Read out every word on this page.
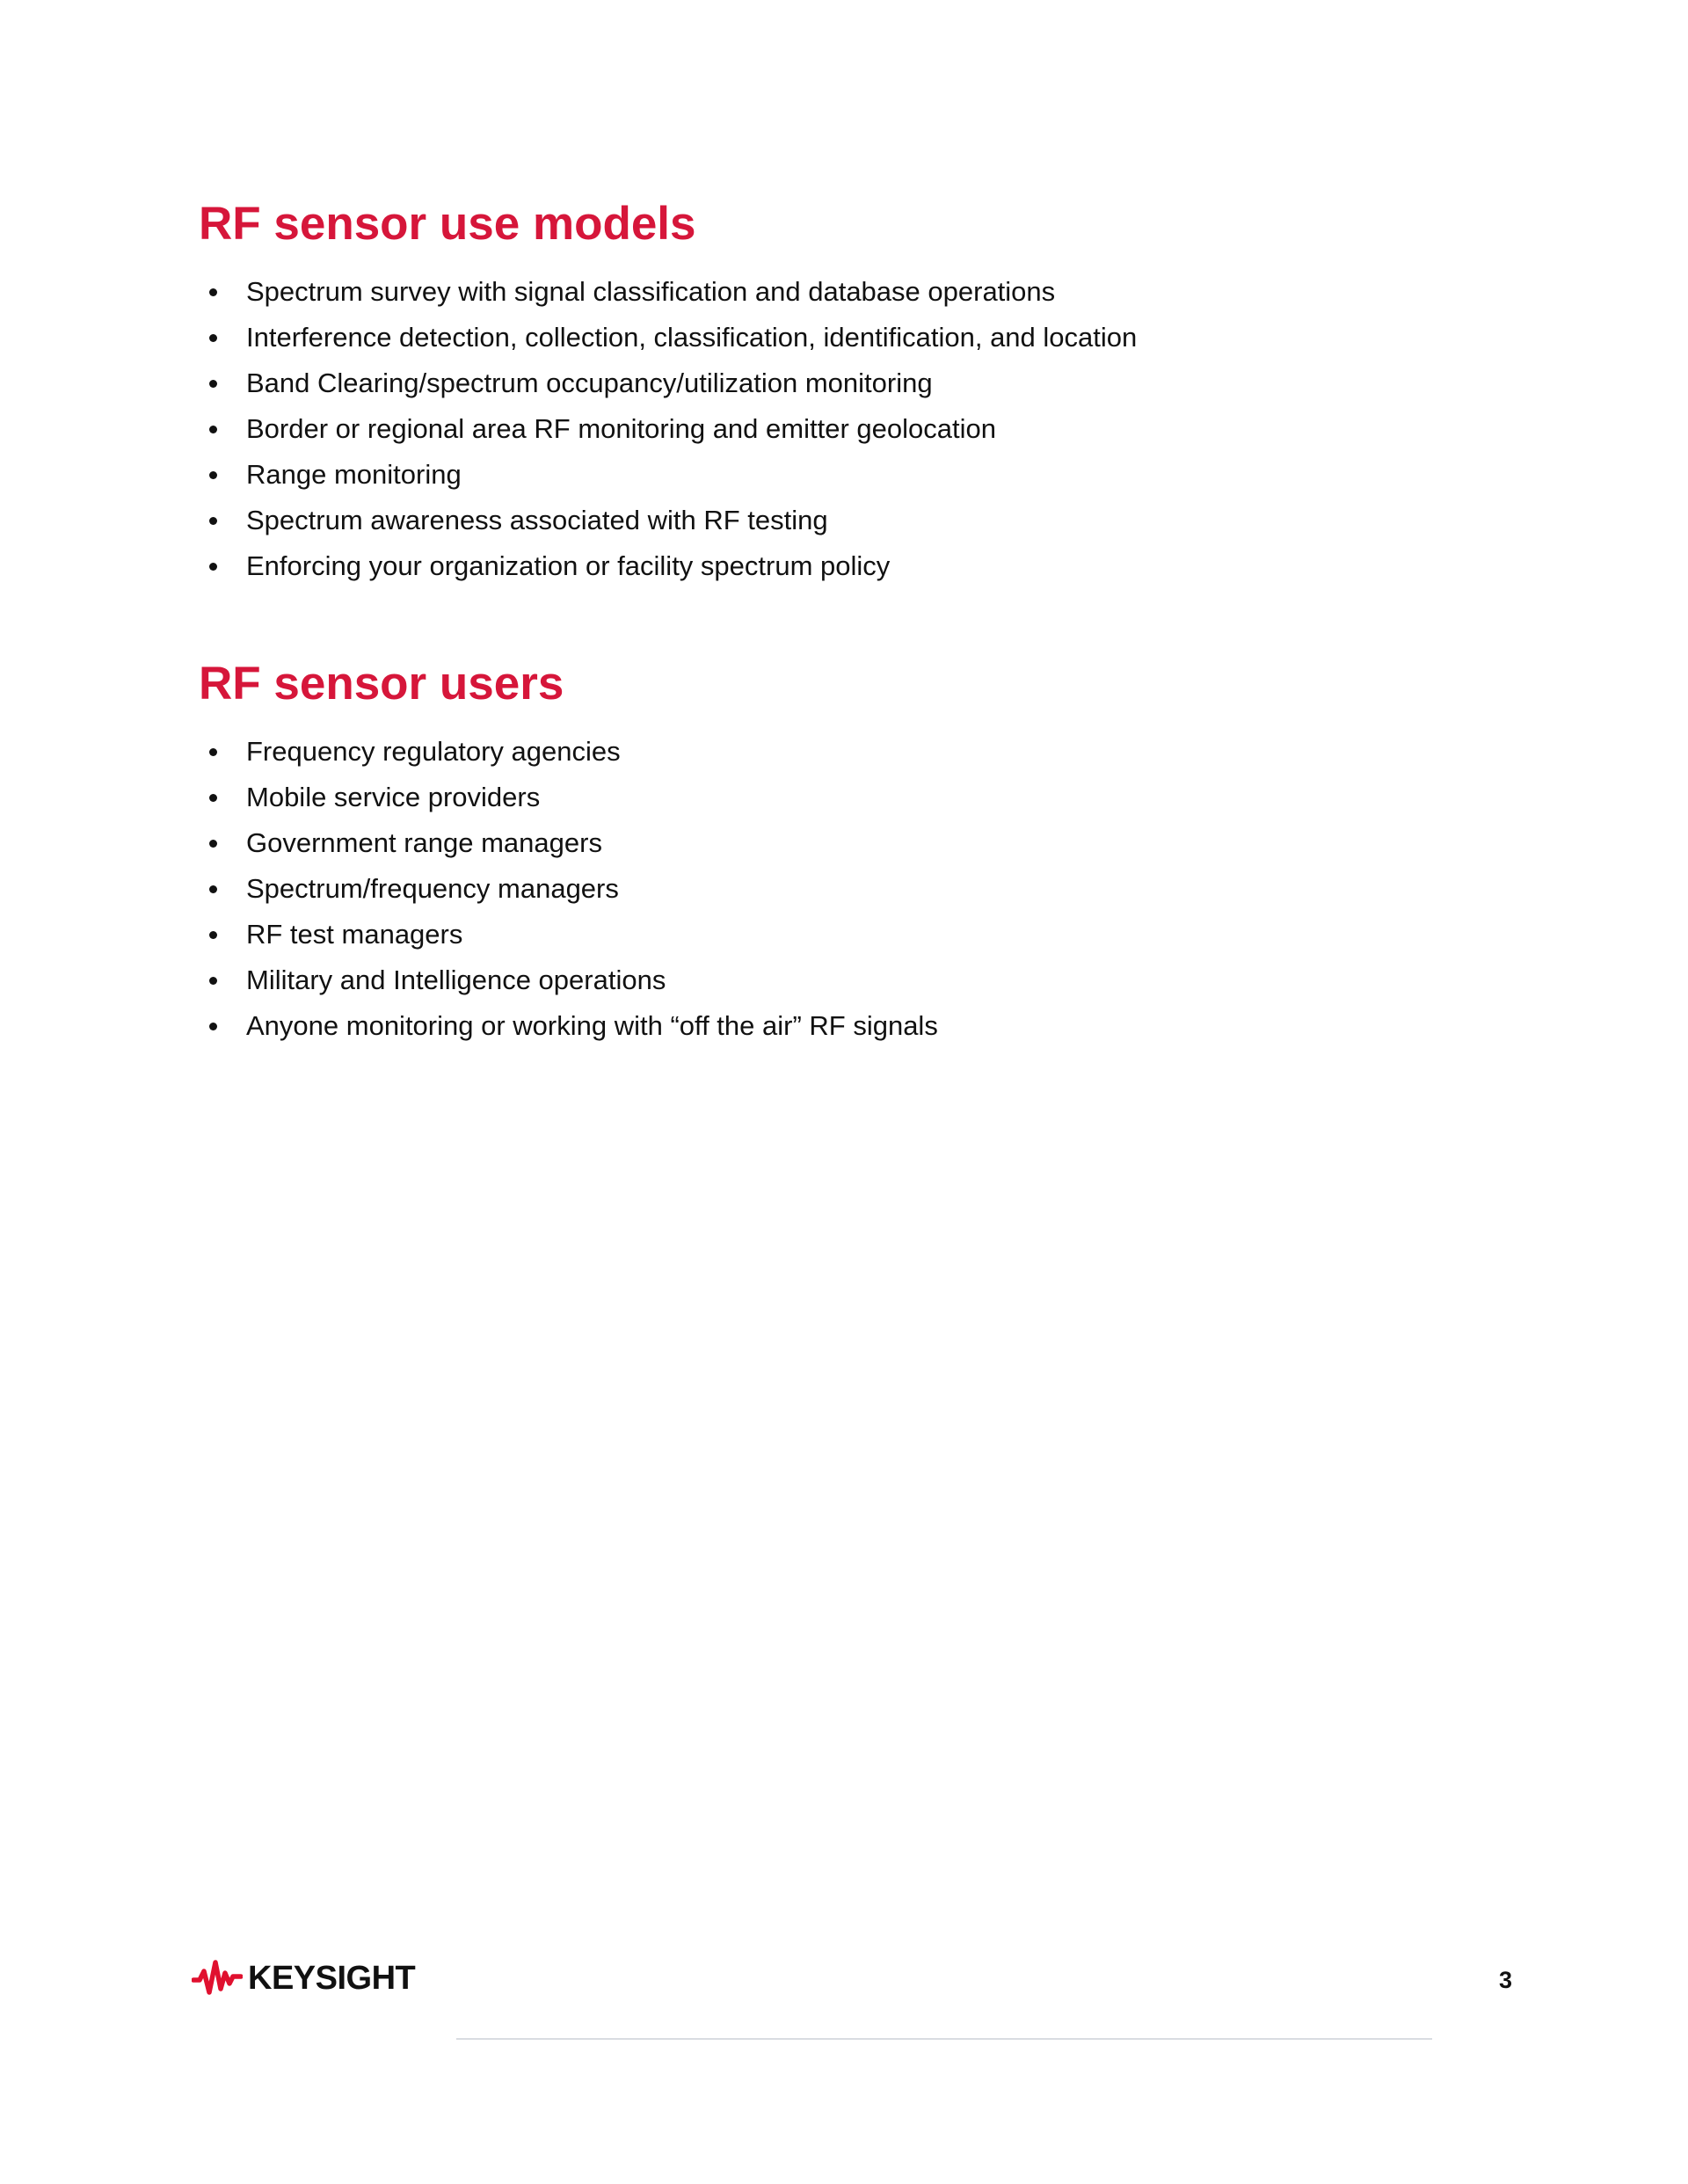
RF sensor use models
Spectrum survey with signal classification and database operations
Interference detection, collection, classification, identification, and location
Band Clearing/spectrum occupancy/utilization monitoring
Border or regional area RF monitoring and emitter geolocation
Range monitoring
Spectrum awareness associated with RF testing
Enforcing your organization or facility spectrum policy
RF sensor users
Frequency regulatory agencies
Mobile service providers
Government range managers
Spectrum/frequency managers
RF test managers
Military and Intelligence operations
Anyone monitoring or working with “off the air” RF signals
KEYSIGHT	3
